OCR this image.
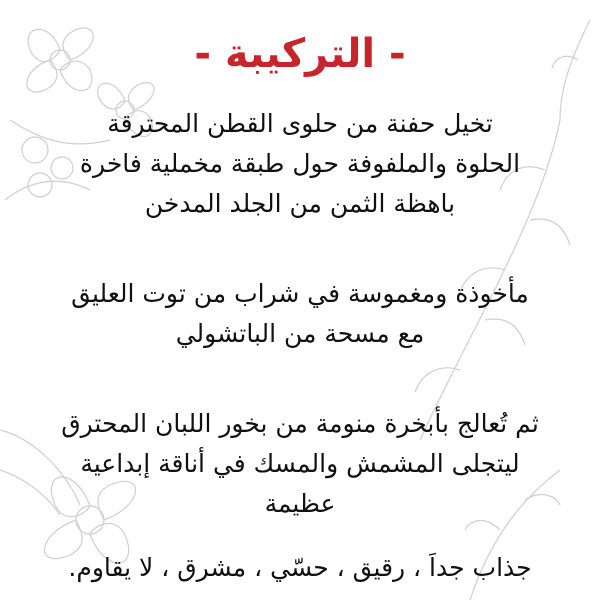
- التركيبة -
تخيل حفنة من حلوى القطن المحترقة
الحلوة والملفوفة حول طبقة مخملية فاخرة
باهظة الثمن من الجلد المدخن
مأخوذة ومغموسة في شراب من توت العليق
مع مسحة من الباتشولي
ثم تُعالج بأبخرة منومة من بخور اللبان المحترق
ليتجلى المشمش والمسك في أناقة إبداعية
عظيمة
جذاب جداَ ، رقيق ، حسّي ، مشرق ، لا يقاوم.
